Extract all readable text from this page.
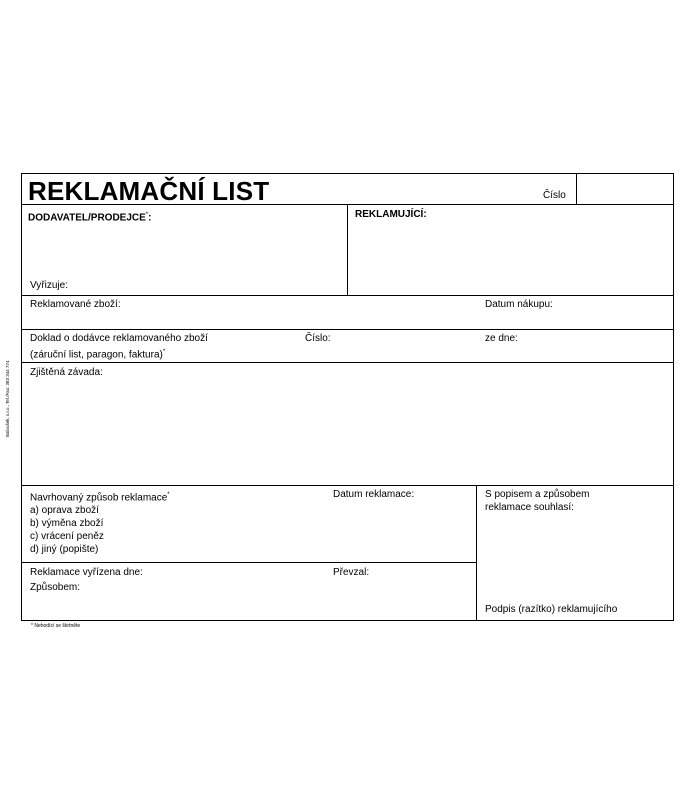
REKLAMAČNÍ LIST	Číslo
DODAVATEL/PRODEJCE*:
Vyřizuje:
REKLAMUJÍCÍ:
Reklamované zboží:	Datum nákupu:
Doklad o dodávce reklamovaného zboží
(záruční list, paragon, faktura)*
Číslo:	ze dne:
Zjištěná závada:
Navrhovaný způsob reklamace*
a) oprava zboží
b) výměna zboží
c) vrácení peněz
d) jiný (popište)
Datum reklamace:	S popisem a způsobem
reklamace souhlasí:
Podpis (razítko) reklamujícího
Reklamace vyřízena dne:	Převzal:
Způsobem:
* Nehodící se škrtněte
Baloušek, s.r.o., Tel./Fax: 383 344 774
